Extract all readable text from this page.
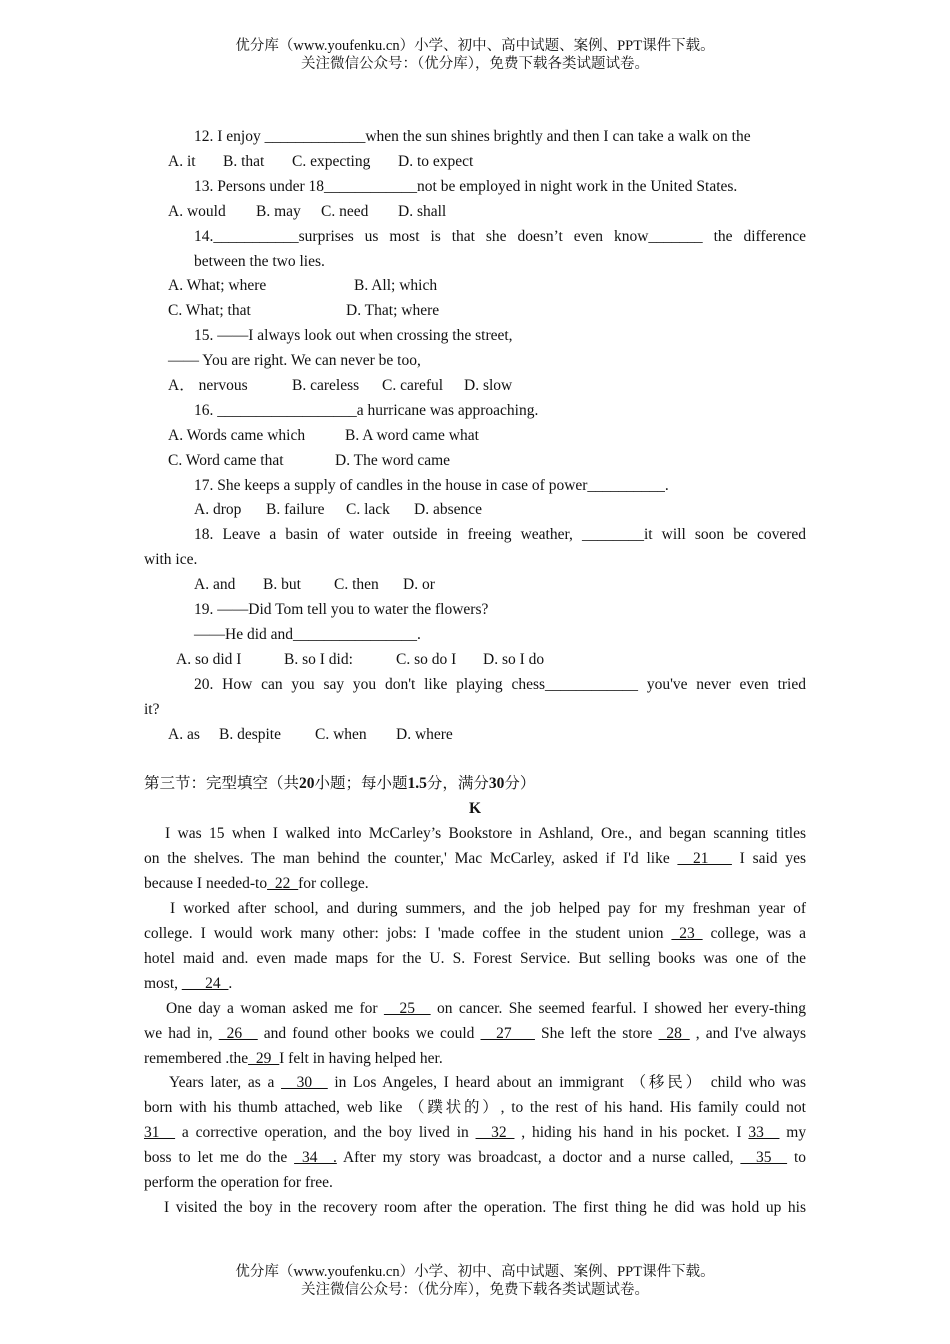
优分库（www.youfenku.cn）小学、初中、高中试题、案例、PPT课件下载。
关注微信公众号：（优分库），免费下载各类试题试卷。
12. I enjoy _____________when the sun shines brightly and then I can take a walk on the
A. it B. that C. expecting D. to expect
13. Persons under 18____________not be employed in night work in the United States.
A. would B. may C. need D. shall
14.___________surprises us most is that she doesn’t even know_______ the difference
between the two lies.
A. What; where	B. All; which
C. What; that	D. That; where
15. ——I always look out when crossing the street,
—— You are right. We can never be too,
A． nervous	B. careless C. careful D. slow
16. __________________a hurricane was approaching.
A. Words came which	B. A word came what
C. Word came that	D. The word came
17. She keeps a supply of candles in the house in case of power__________.
A. drop B. failure C. lack D. absence
18. Leave a basin of water outside in freeing weather, ________it will soon be covered
with ice.
A. and B. but C. then D. or
19. ——Did Tom tell you to water the flowers?
——He did and________________.
A. so did I	B. so I did:	C. so do I D. so I do
20. How can you say you don't like playing chess____________ you've never even tried
it?
A. as B. despite C. when D. where
第三节：完型填空（共20小题；每小题1.5分，满分30分）
K
I was 15 when I walked into McCarley’s Bookstore in Ashland, Ore., and began scanning titles
on the shelves. The man behind the counter,' Mac McCarley, asked if I'd like __21___ I said yes
because I needed-to_22_for college.
I worked after school, and during summers, and the job helped pay for my freshman year of
college. I would work many other: jobs: I 'made coffee in the student union _23_ college, was a
hotel maid and. even made maps for the U. S. Forest Service. But selling books was one of the
most, ___24_.
One day a woman asked me for __25__ on cancer. She seemed fearful. I showed her every-thing
we had in, _26__ and found other books we could __27___ She left the store _28_ , and I've always
remembered .the_29_I felt in having helped her.
Years later, as a __30__ in Los Angeles, I heard about an immigrant （移民） child who was
born with his thumb attached, web like （蹼状的）, to the rest of his hand. His family could not
31__ a corrective operation, and the boy lived in __32_ , hiding his hand in his pocket. I 33__ my
boss to let me do the _34__. After my story was broadcast, a doctor and a nurse called, __35__ to
perform the operation for free.
I visited the boy in the recovery room after the operation. The first thing he did was hold up his
优分库（www.youfenku.cn）小学、初中、高中试题、案例、PPT课件下载。
关注微信公众号：（优分库），免费下载各类试题试卷。
